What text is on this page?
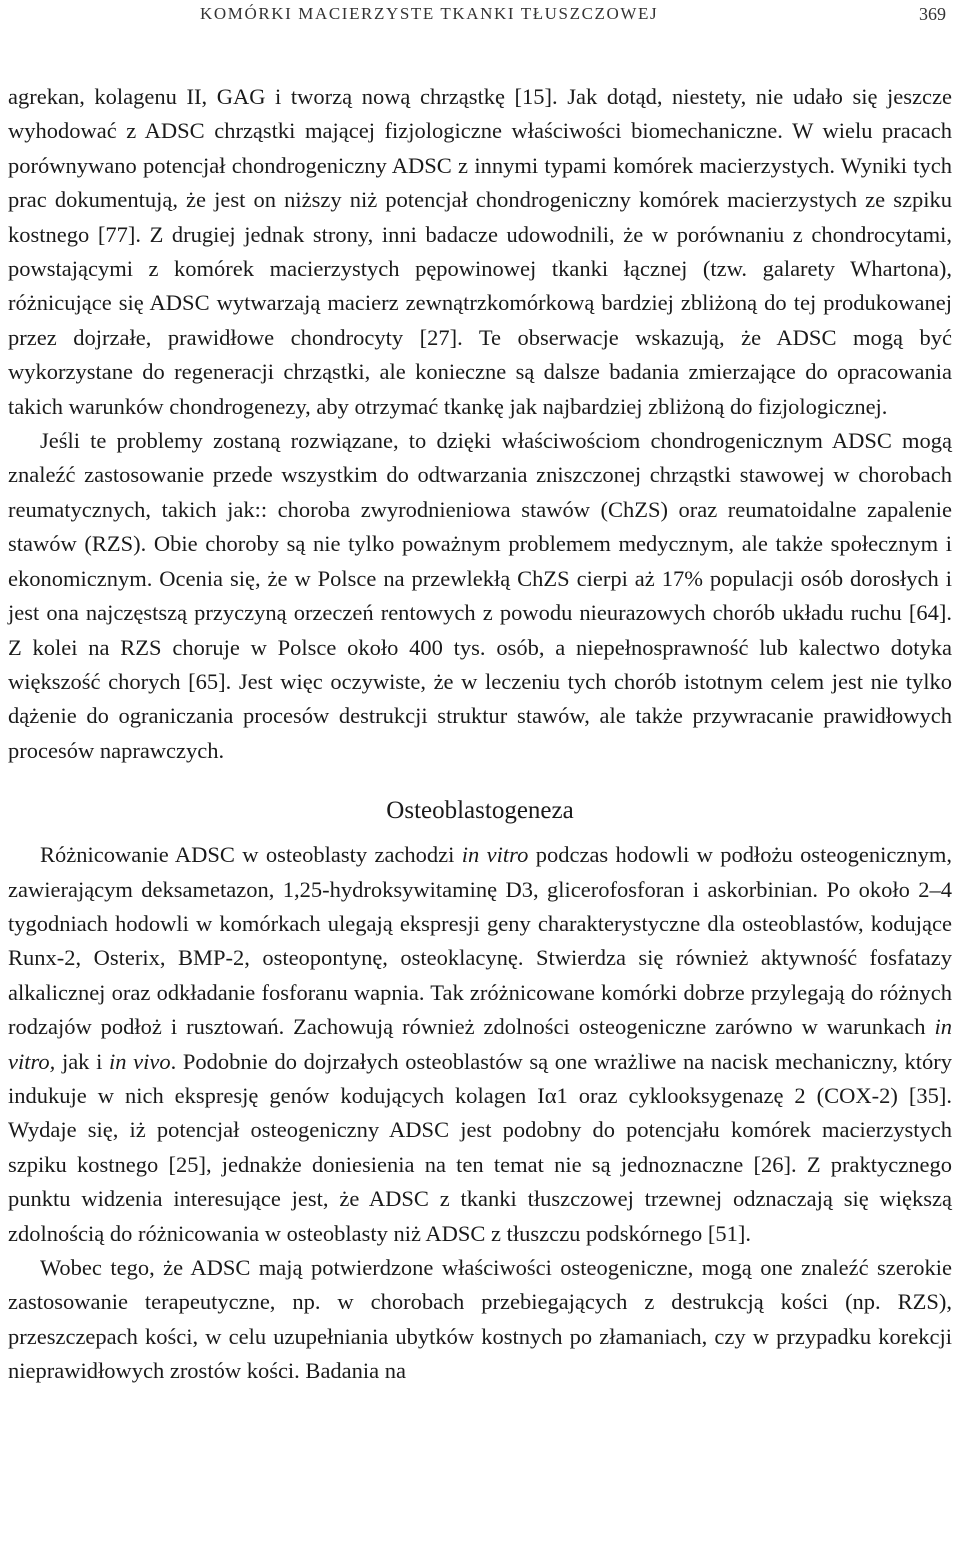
KOMÓRKI MACIERZYSTE TKANKI TŁUSZCZOWEJ	369

agrekan, kolagenu II, GAG i tworzą nową chrząstkę [15]. Jak dotąd, niestety, nie udało się jeszcze wyhodować z ADSC chrząstki mającej fizjologiczne właściwości biomechaniczne. W wielu pracach porównywano potencjał chondrogeniczny ADSC z innymi typami komórek macierzystych. Wyniki tych prac dokumentują, że jest on niższy niż potencjał chondrogeniczny komórek macierzystych ze szpiku kostnego [77]. Z drugiej jednak strony, inni badacze udowodnili, że w porównaniu z chondrocytami, powstającymi z komórek macierzystych pępowinowej tkanki łącznej (tzw. galarety Whartona), różnicujące się ADSC wytwarzają macierz zewnątrzkomórkową bardziej zbliżoną do tej produkowanej przez dojrzałe, prawidłowe chondrocyty [27]. Te obserwacje wskazują, że ADSC mogą być wykorzystane do regeneracji chrząstki, ale konieczne są dalsze badania zmierzające do opracowania takich warunków chondrogenezy, aby otrzymać tkankę jak najbardziej zbliżoną do fizjologicznej.

Jeśli te problemy zostaną rozwiązane, to dzięki właściwościom chondrogenicznym ADSC mogą znaleźć zastosowanie przede wszystkim do odtwarzania zniszczonej chrząstki stawowej w chorobach reumatycznych, takich jak:: choroba zwyrodnieniowa stawów (ChZS) oraz reumatoidalne zapalenie stawów (RZS). Obie choroby są nie tylko poważnym problemem medycznym, ale także społecznym i ekonomicznym. Ocenia się, że w Polsce na przewlekłą ChZS cierpi aż 17% populacji osób dorosłych i jest ona najczęstszą przyczyną orzeczeń rentowych z powodu nieurazowych chorób układu ruchu [64]. Z kolei na RZS choruje w Polsce około 400 tys. osób, a niepełnosprawność lub kalectwo dotyka większość chorych [65]. Jest więc oczywiste, że w leczeniu tych chorób istotnym celem jest nie tylko dążenie do ograniczania procesów destrukcji struktur stawów, ale także przywracanie prawidłowych procesów naprawczych.

Osteoblastogeneza

Różnicowanie ADSC w osteoblasty zachodzi in vitro podczas hodowli w podłożu osteogenicznym, zawierającym deksametazon, 1,25-hydroksywitaminę D3, glicerofosforan i askorbinian. Po około 2–4 tygodniach hodowli w komórkach ulegają ekspresji geny charakterystyczne dla osteoblastów, kodujące Runx-2, Osterix, BMP-2, osteopontynę, osteoklacynę. Stwierdza się również aktywność fosfatazy alkalicznej oraz odkładanie fosforanu wapnia. Tak zróżnicowane komórki dobrze przylegają do różnych rodzajów podłoż i rusztowań. Zachowują również zdolności osteogeniczne zarówno w warunkach in vitro, jak i in vivo. Podobnie do dojrzałych osteoblastów są one wrażliwe na nacisk mechaniczny, który indukuje w nich ekspresję genów kodujących kolagen Iα1 oraz cyklooksygenazę 2 (COX-2) [35]. Wydaje się, iż potencjał osteogeniczny ADSC jest podobny do potencjału komórek macierzystych szpiku kostnego [25], jednakże doniesienia na ten temat nie są jednoznaczne [26]. Z praktycznego punktu widzenia interesujące jest, że ADSC z tkanki tłuszczowej trzewnej odznaczają się większą zdolnością do różnicowania w osteoblasty niż ADSC z tłuszczu podskórnego [51].

Wobec tego, że ADSC mają potwierdzone właściwości osteogeniczne, mogą one znaleźć szerokie zastosowanie terapeutyczne, np. w chorobach przebiegających z destrukcją kości (np. RZS), przeszczepach kości, w celu uzupełniania ubytków kostnych po złamaniach, czy w przypadku korekcji nieprawidłowych zrostów kości. Badania na
